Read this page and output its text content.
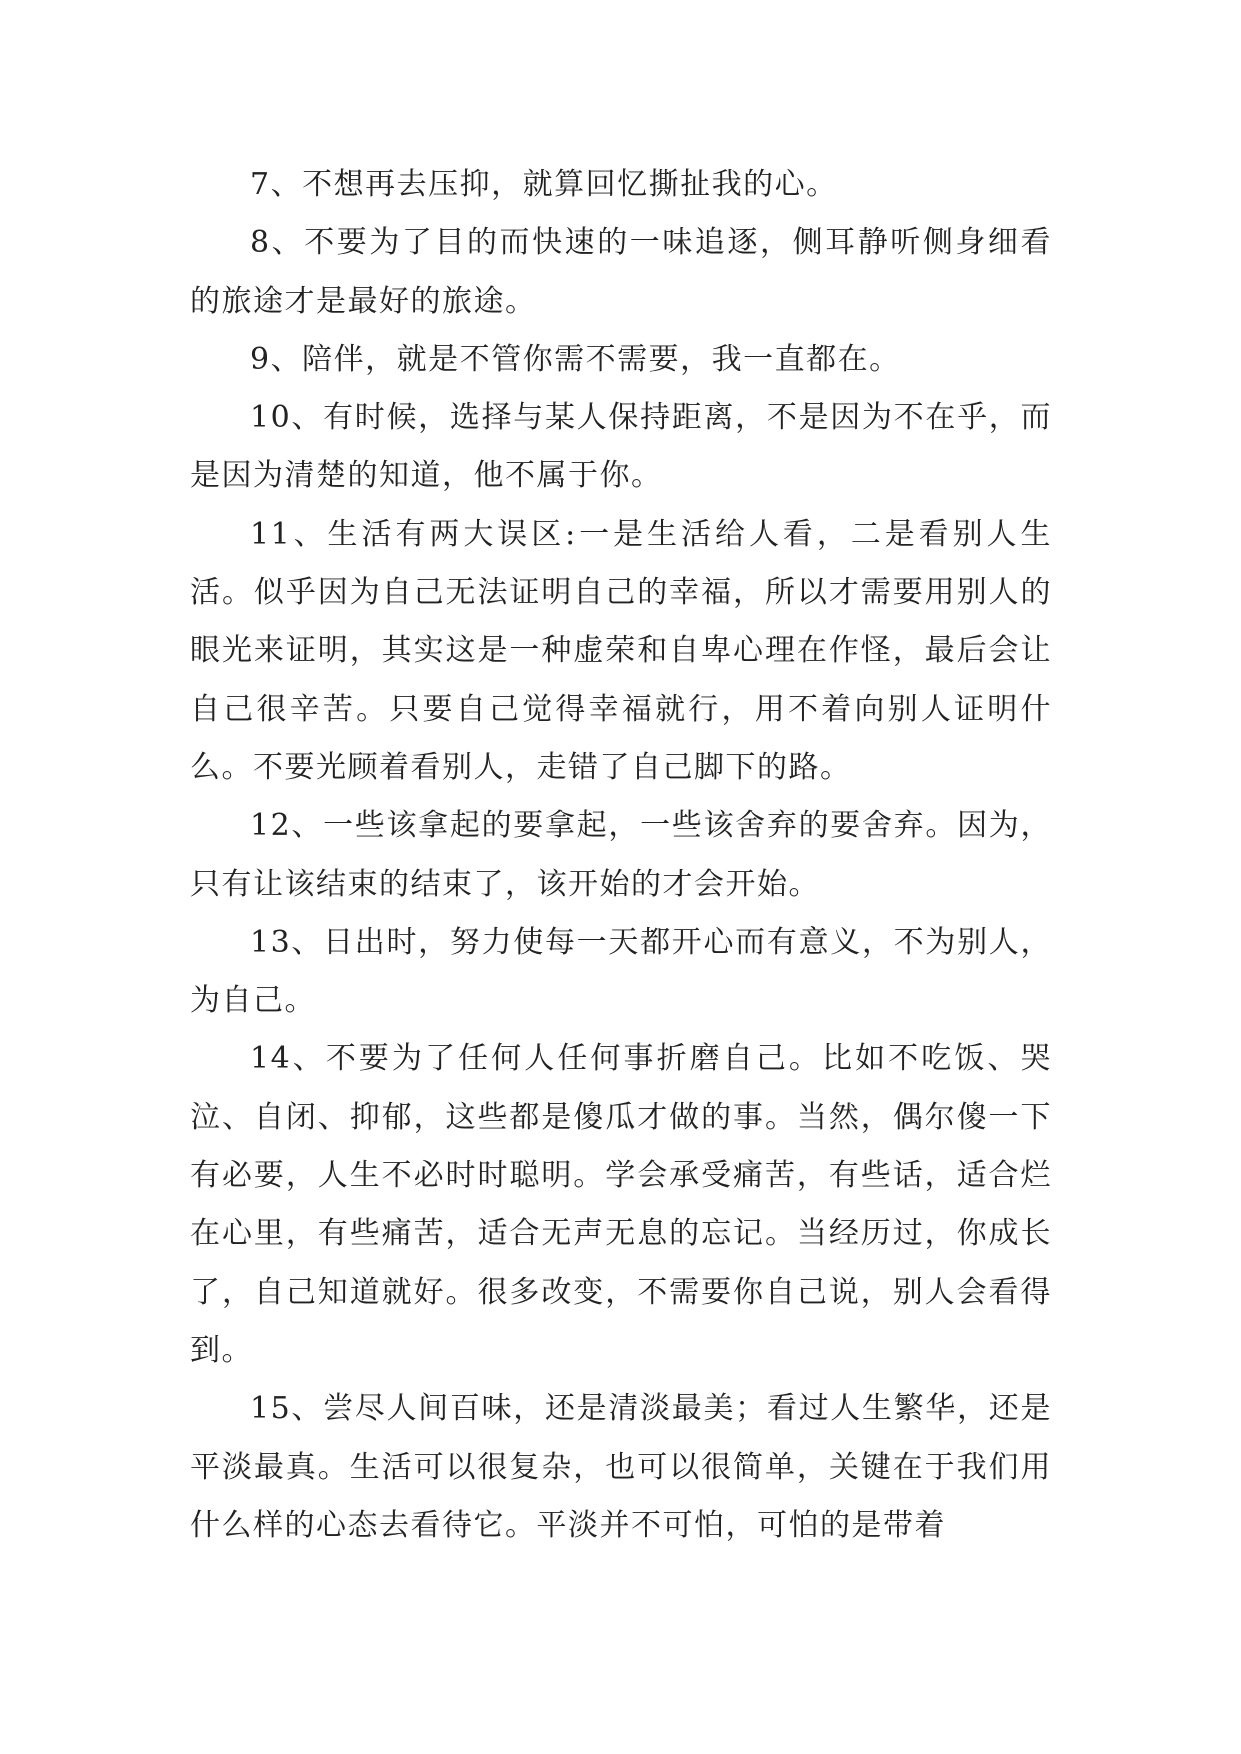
7、不想再去压抑，就算回忆撕扯我的心。

8、不要为了目的而快速的一味追逐，侧耳静听侧身细看的旅途才是最好的旅途。

9、陪伴，就是不管你需不需要，我一直都在。

10、有时候，选择与某人保持距离，不是因为不在乎，而是因为清楚的知道，他不属于你。

11、生活有两大误区:一是生活给人看，二是看别人生活。似乎因为自己无法证明自己的幸福，所以才需要用别人的眼光来证明，其实这是一种虚荣和自卑心理在作怪，最后会让自己很辛苦。只要自己觉得幸福就行，用不着向别人证明什么。不要光顾着看别人，走错了自己脚下的路。

12、一些该拿起的要拿起，一些该舍弃的要舍弃。因为，只有让该结束的结束了，该开始的才会开始。

13、日出时，努力使每一天都开心而有意义，不为别人，为自己。

14、不要为了任何人任何事折磨自己。比如不吃饭、哭泣、自闭、抑郁，这些都是傻瓜才做的事。当然，偶尔傻一下有必要，人生不必时时聪明。学会承受痛苦，有些话，适合烂在心里，有些痛苦，适合无声无息的忘记。当经历过，你成长了，自己知道就好。很多改变，不需要你自己说，别人会看得到。

15、尝尽人间百味，还是清淡最美；看过人生繁华，还是平淡最真。生活可以很复杂，也可以很简单，关键在于我们用什么样的心态去看待它。平淡并不可怕，可怕的是带着
